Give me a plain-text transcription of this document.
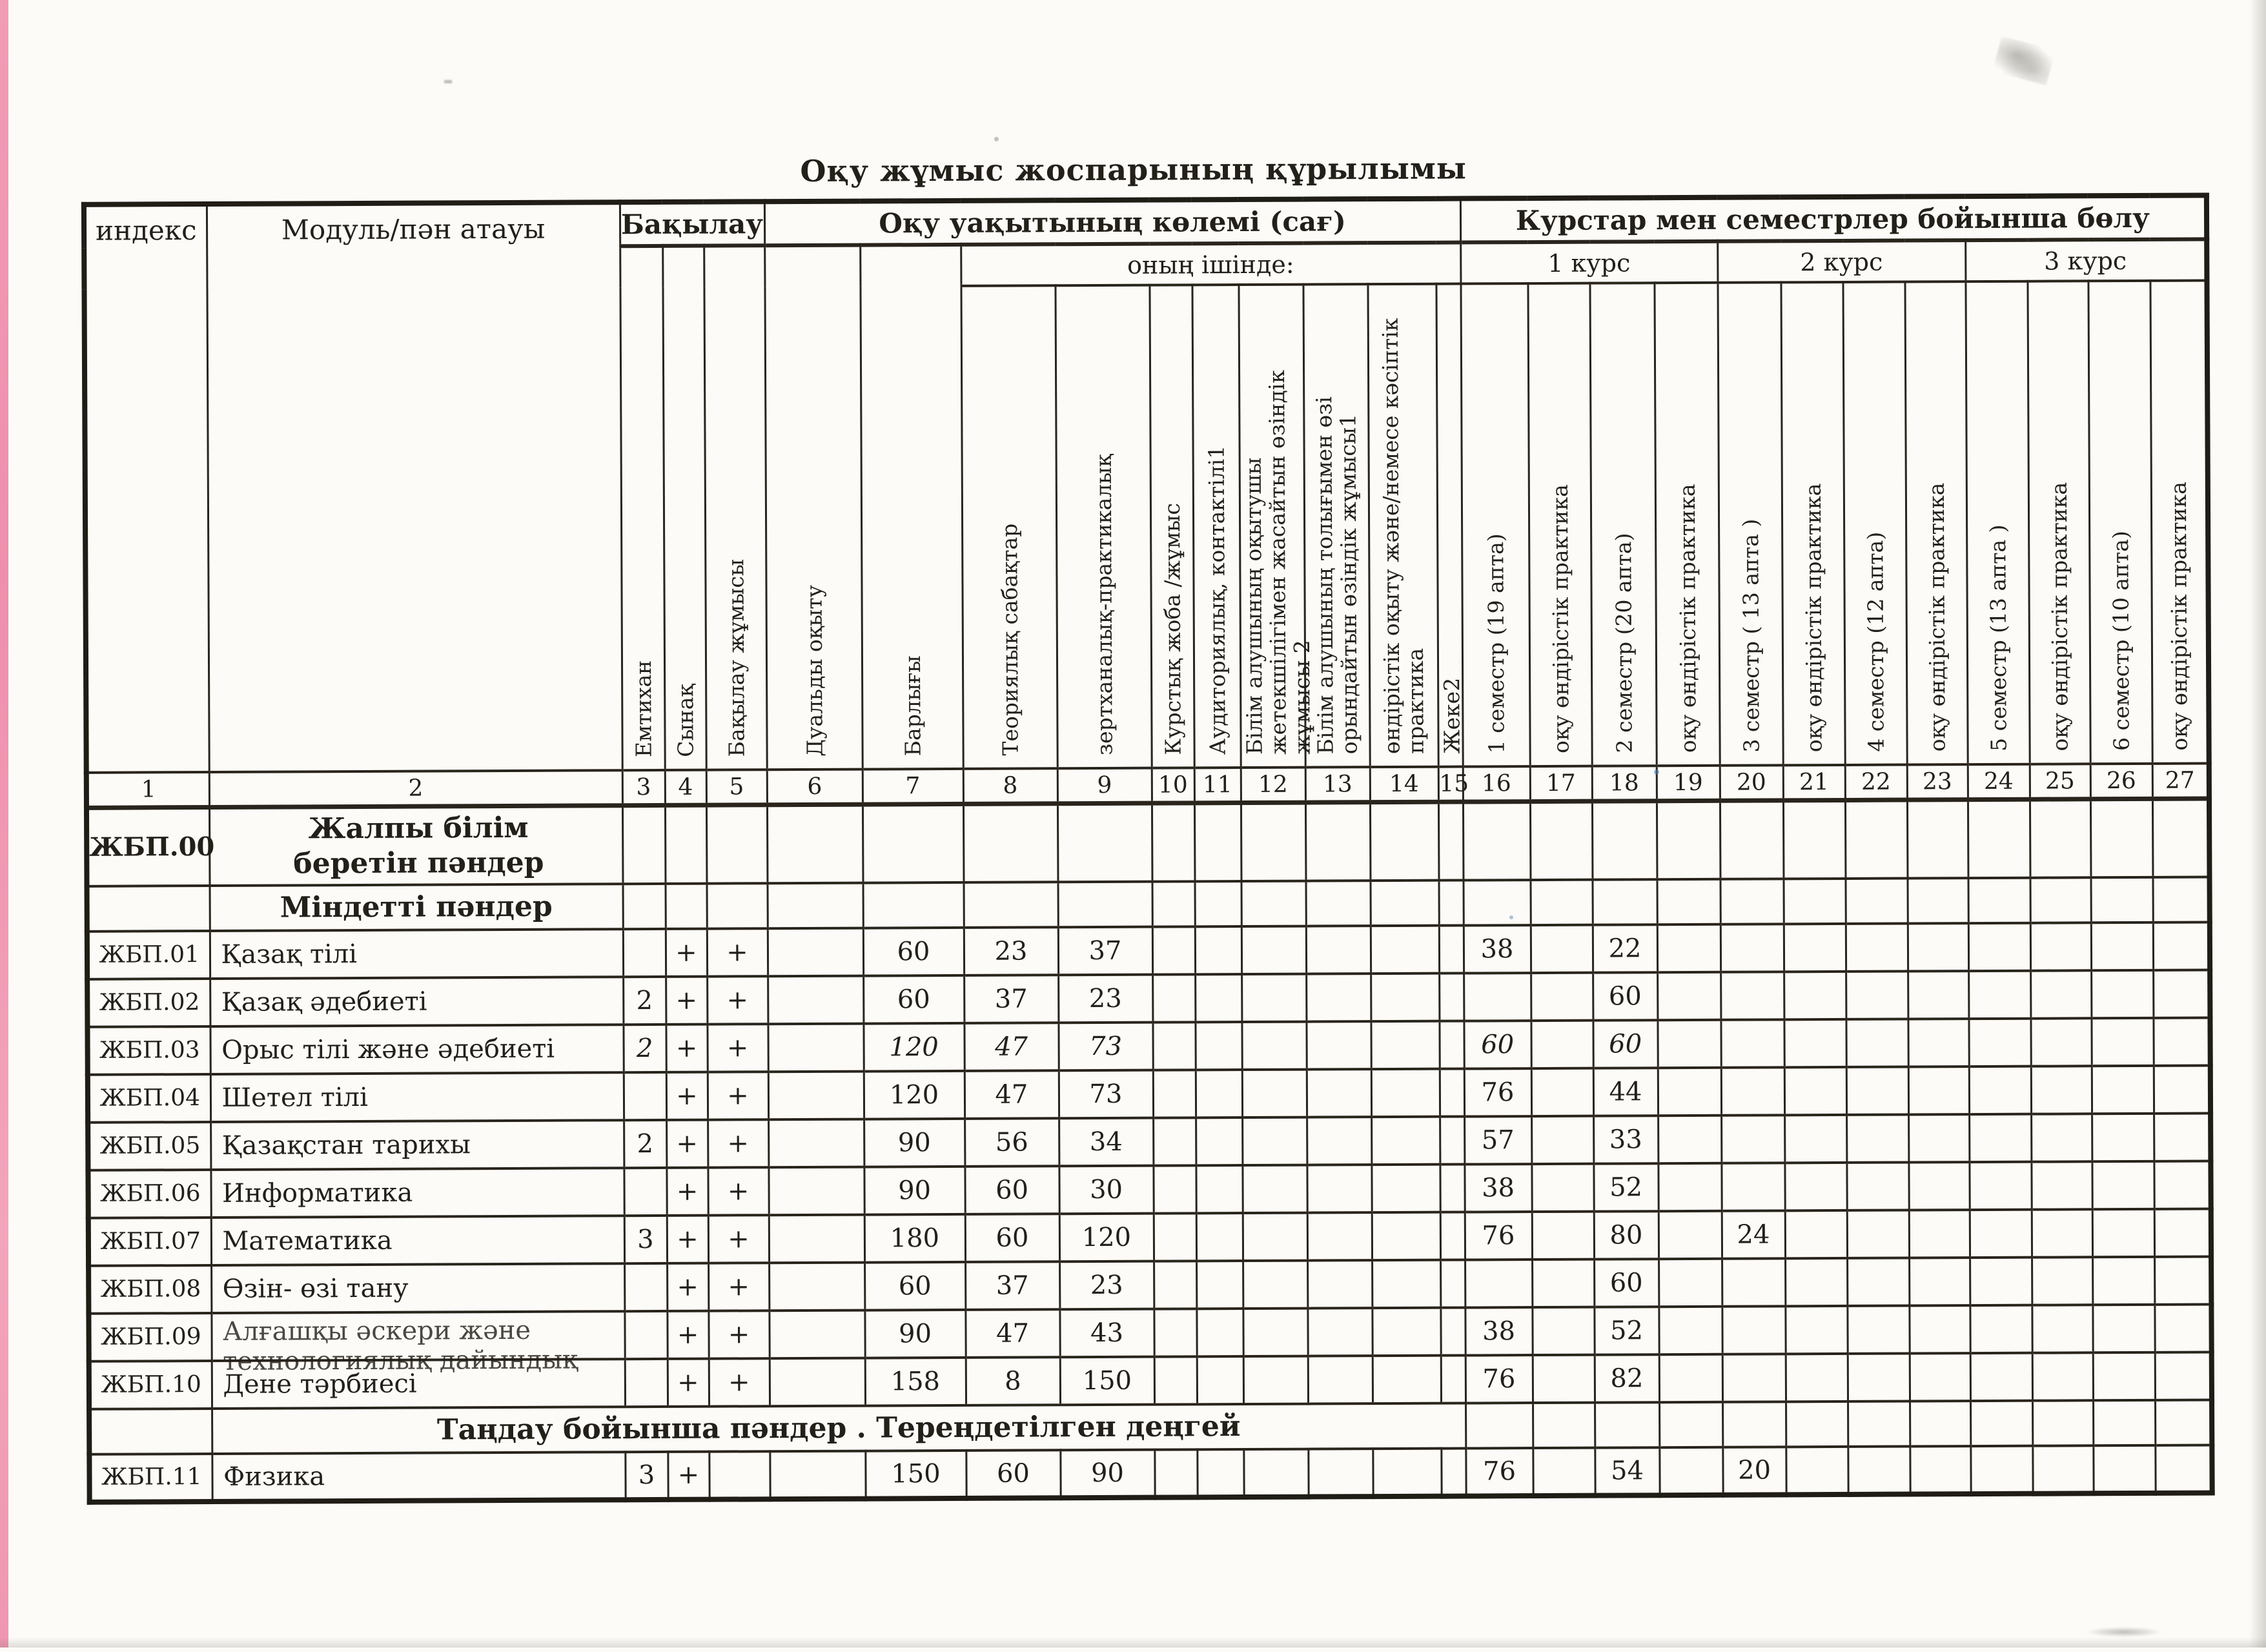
Оқу жұмыс жоспарының құрылымы
индекс	Модуль/пән атауы	Бақылау			Оқу уақытының көлемі (сағ)										Курстар мен семестрлер бойынша бөлу											
		Емтихан	Сынақ	Бақылау жұмысы	Дуальды оқыту	Барлығы	оның ішінде:								1 курс				2 курс				3 курс			
							Теориялық сабақтар	зертханалық-практикалық	Курстық жоба /жұмыс	Аудиториялық, контактілі1	Білім алушының оқытушы жетекшілігімен жасайтын өзіндік жұмысы 2	Білім алушының толығымен өзі орындайтын өзіндік жұмысы1	өндірістік оқыту және/немесе кәсіптік практика	Жеке2	1 семестр (19 апта)	оқу өндірістік практика	2 семестр (20 апта)	оқу өндірістік практика	3 семестр ( 13 апта )	оқу өндірістік практика	4 семестр (12 апта)	оқу өндірістік практика	5 семестр (13 апта )	оқу өндірістік практика	6 семестр (10 апта)	оқу өндірістік практика
1	2	3	4	5	6	7	8	9	10	11	12	13	14	15	16	17	18	19	20	21	22	23	24	25	26	27
ЖБП.00	Жалпы білім беретін пәндер																									

	Міндетті пәндер																									
ЖБП.01	Қазақ тілі		+	+		60	23	37							38		22									
ЖБП.02	Қазақ әдебиеті	2	+	+		60	37	23									60									
ЖБП.03	Орыс тілі және әдебиеті	2	+	+		120	47	73							60		60									
ЖБП.04	Шетел тілі		+	+		120	47	73							76		44									
ЖБП.05	Қазақстан тарихы	2	+	+		90	56	34							57		33									
ЖБП.06	Информатика		+	+		90	60	30							38		52									
ЖБП.07	Математика	3	+	+		180	60	120							76		80		24							
ЖБП.08	Өзін- өзі тану		+	+		60	37	23									60									
ЖБП.09	Алғашқы әскери және технологиялық дайындық		+	+		90	47	43							38		52									
ЖБП.10	Дене тәрбиесі		+	+		158	8	150							76		82									
	Таңдау бойынша пәндер . Тереңдетілген деңгей																									
ЖБП.11	Физика	3	+			150	60	90							76		54		20							
